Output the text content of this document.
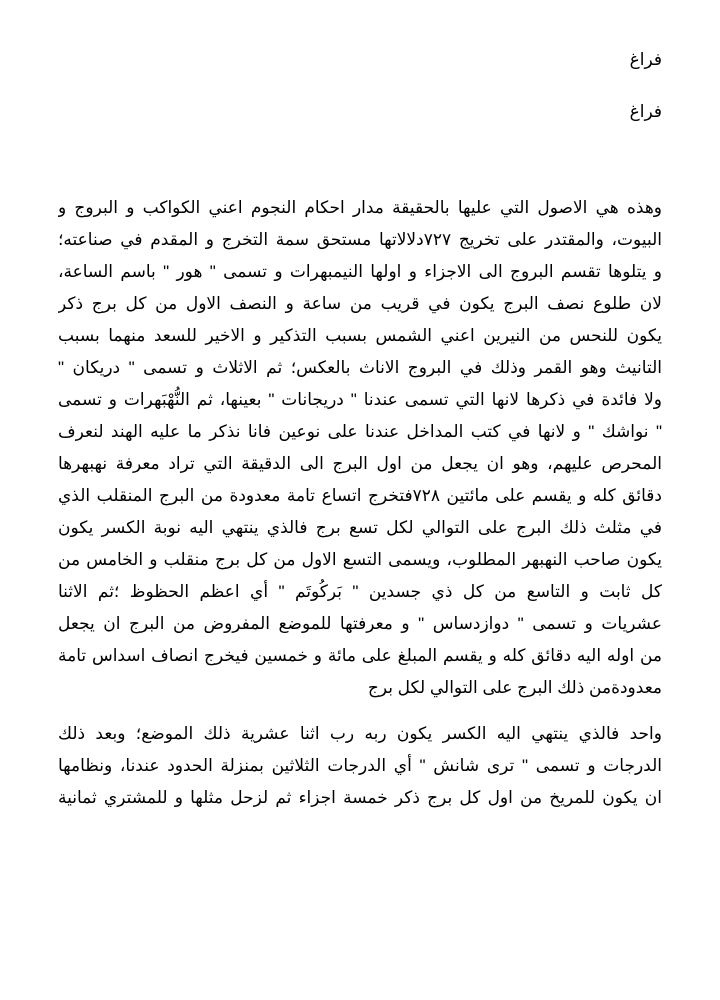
فراغ

فراغ

وهذه هي الاصول التي عليها بالحقيقة مدار احكام النجوم اعني الكواكب و البروج و
البيوت، والمقتدر على تخريج ٧٢٧دلالاتها مستحق سمة التخرج و المقدم في صناعته؛
و يتلوها تقسم البروج الى الاجزاء و اولها النيمبهرات و تسمى " هور " باسم الساعة،
لان طلوع نصف البرج يكون في قريب من ساعة و النصف الاول من كل برج ذكر
يكون للنحس من النيرين اعني الشمس بسبب التذكير و الاخير للسعد منهما بسبب
التانيث وهو القمر وذلك في البروج الاناث بالعكس؛ ثم الاثلاث و تسمى " دريكان "
ولا فائدة في ذكرها لانها التي تسمى عندنا " دريجانات " بعينها، ثم النُّهْبَهرات و تسمى
" نواشك " و لانها في كتب المداخل عندنا على نوعين فانا نذكر ما عليه الهند لنعرف
المحرص عليهم، وهو ان يجعل من اول البرج الى الدقيقة التي تراد معرفة نهبهرها
دقائق كله و يقسم على مائتين ٧٢٨فتخرج اتساع تامة معدودة من البرج المنقلب الذي
في مثلث ذلك البرج على التوالي لكل تسع برج فالذي ينتهي اليه نوبة الكسر يكون
يكون صاحب النهبهر المطلوب، ويسمى التسع الاول من كل برج منقلب و الخامس من
كل ثابت و التاسع من كل ذي جسدين " بَركُوتَم " أي اعظم الحظوظ ؛ثم الاثنا
عشريات و تسمى " دوازدساس " و معرفتها للموضع المفروض من البرج ان يجعل
من اوله اليه دقائق كله و يقسم المبلغ على مائة و خمسين فيخرج انصاف اسداس تامة
معدودةمن ذلك البرج على التوالي لكل برج
واحد فالذي ينتهي اليه الكسر يكون ربه رب اثنا عشرية ذلك الموضع؛ وبعد ذلك
الدرجات و تسمى " ترى شانش " أي الدرجات الثلاثين بمنزلة الحدود عندنا، ونظامها
ان يكون للمريخ من اول كل برج ذكر خمسة اجزاء ثم لزحل مثلها و للمشتري ثمانية
